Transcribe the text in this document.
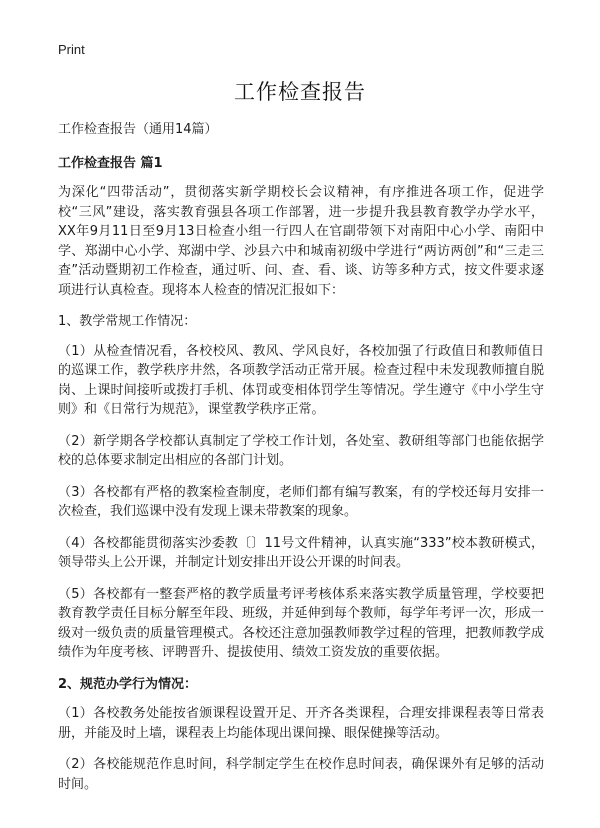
Print
工作检查报告

工作检查报告（通用14篇）

工作检查报告 篇1

为深化“四带活动”，贯彻落实新学期校长会议精神，有序推进各项工作，促进学校“三风”建设，落实教育强县各项工作部署，进一步提升我县教育教学办学水平，XX年9月11日至9月13日检查小组一行四人在官副带领下对南阳中心小学、南阳中学、郑湖中心小学、郑湖中学、沙县六中和城南初级中学进行“两访两创”和“三走三查”活动暨期初工作检查，通过听、问、查、看、谈、访等多种方式，按文件要求逐项进行认真检查。现将本人检查的情况汇报如下：

1、教学常规工作情况：

（1）从检查情况看，各校校风、教风、学风良好，各校加强了行政值日和教师值日的巡课工作，教学秩序井然，各项教学活动正常开展。检查过程中未发现教师擅自脱岗、上课时间接听或拨打手机、体罚或变相体罚学生等情况。学生遵守《中小学生守则》和《日常行为规范》，课堂教学秩序正常。

（2）新学期各学校都认真制定了学校工作计划，各处室、教研组等部门也能依据学校的总体要求制定出相应的各部门计划。

（3）各校都有严格的教案检查制度，老师们都有编写教案，有的学校还每月安排一次检查，我们巡课中没有发现上课未带教案的现象。

（4）各校都能贯彻落实沙委教〔〕11号文件精神，认真实施“333”校本教研模式，领导带头上公开课，并制定计划安排出开设公开课的时间表。

（5）各校都有一整套严格的教学质量考评考核体系来落实教学质量管理，学校要把教育教学责任目标分解至年段、班级，并延伸到每个教师，每学年考评一次，形成一级对一级负责的质量管理模式。各校还注意加强教师教学过程的管理，把教师教学成绩作为年度考核、评聘晋升、提拔使用、绩效工资发放的重要依据。

2、规范办学行为情况：

（1）各校教务处能按省颁课程设置开足、开齐各类课程，合理安排课程表等日常表册，并能及时上墙，课程表上均能体现出课间操、眼保健操等活动。

（2）各校能规范作息时间，科学制定学生在校作息时间表，确保课外有足够的活动时间。
